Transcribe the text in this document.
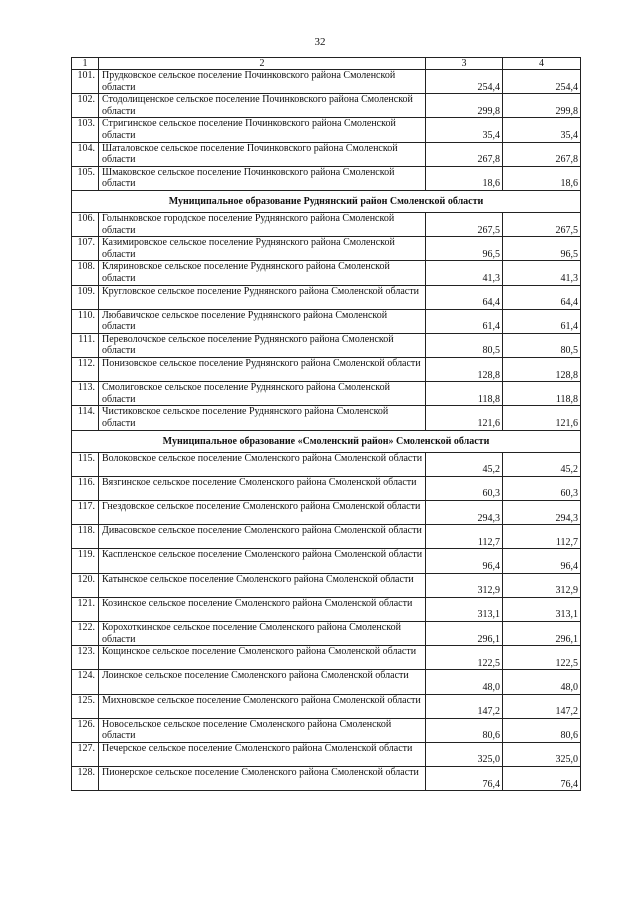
32
1	2	3	4
101.	Прудковское сельское поселение Починковского района Смоленской области	254,4	254,4
102.	Стодолищенское сельское поселение Починковского района Смоленской области	299,8	299,8
103.	Стригинское сельское поселение Починковского района Смоленской области	35,4	35,4
104.	Шаталовское сельское поселение Починковского района Смоленской области	267,8	267,8
105.	Шмаковское сельское поселение Починковского района Смоленской области	18,6	18,6
Муниципальное образование Руднянский район Смоленской области			
106.	Голынковское городское поселение Руднянского района Смоленской области	267,5	267,5
107.	Казимировское сельское поселение Руднянского района Смоленской области	96,5	96,5
108.	Кляриновское сельское поселение Руднянского района Смоленской области	41,3	41,3
109.	Кругловское сельское поселение Руднянского района Смоленской области	64,4	64,4
110.	Любавичское сельское поселение Руднянского района Смоленской области	61,4	61,4
111.	Переволочское сельское поселение Руднянского района Смоленской области	80,5	80,5
112.	Понизовское сельское поселение Руднянского района Смоленской области	128,8	128,8
113.	Смолиговское сельское поселение Руднянского района Смоленской области	118,8	118,8
114.	Чистиковское сельское поселение Руднянского района Смоленской области	121,6	121,6
Муниципальное образование «Смоленский район» Смоленской области			
115.	Волоковское сельское поселение Смоленского района Смоленской области	45,2	45,2
116.	Вязгинское сельское поселение Смоленского района Смоленской области	60,3	60,3
117.	Гнездовское сельское поселение Смоленского района Смоленской области	294,3	294,3
118.	Дивасовское сельское поселение Смоленского района Смоленской области	112,7	112,7
119.	Каспленское сельское поселение Смоленского района Смоленской области	96,4	96,4
120.	Катынское сельское поселение Смоленского района Смоленской области	312,9	312,9
121.	Козинское сельское поселение Смоленского района Смоленской области	313,1	313,1
122.	Корохоткинское сельское поселение Смоленского района Смоленской области	296,1	296,1
123.	Кощинское сельское поселение Смоленского района Смоленской области	122,5	122,5
124.	Лоинское сельское поселение Смоленского района Смоленской области	48,0	48,0
125.	Михновское сельское поселение Смоленского района Смоленской области	147,2	147,2
126.	Новосельское сельское поселение Смоленского района Смоленской области	80,6	80,6
127.	Печерское сельское поселение Смоленского района Смоленской области	325,0	325,0
128.	Пионерское сельское поселение Смоленского района Смоленской области	76,4	76,4
